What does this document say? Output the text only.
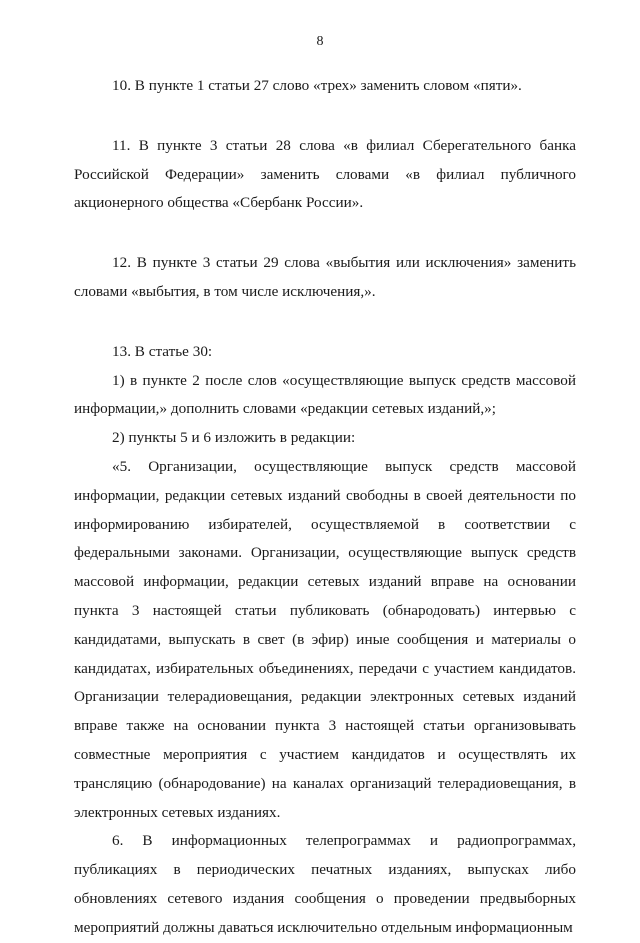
8

10. В пункте 1 статьи 27 слово «трех» заменить словом «пяти».

11. В пункте 3 статьи 28 слова «в филиал Сберегательного банка Российской Федерации» заменить словами «в филиал публичного акционерного общества «Сбербанк России».

12. В пункте 3 статьи 29 слова «выбытия или исключения» заменить словами «выбытия, в том числе исключения,».

13. В статье 30:

1) в пункте 2 после слов «осуществляющие выпуск средств массовой информации,» дополнить словами «редакции сетевых изданий,»;

2) пункты 5 и 6 изложить в редакции:

«5. Организации, осуществляющие выпуск средств массовой информации, редакции сетевых изданий свободны в своей деятельности по информированию избирателей, осуществляемой в соответствии с федеральными законами. Организации, осуществляющие выпуск средств массовой информации, редакции сетевых изданий вправе на основании пункта 3 настоящей статьи публиковать (обнародовать) интервью с кандидатами, выпускать в свет (в эфир) иные сообщения и материалы о кандидатах, избирательных объединениях, передачи с участием кандидатов. Организации телерадиовещания, редакции электронных сетевых изданий вправе также на основании пункта 3 настоящей статьи организовывать совместные мероприятия с участием кандидатов и осуществлять их трансляцию (обнародование) на каналах организаций телерадиовещания, в электронных сетевых изданиях.

6. В информационных телепрограммах и радиопрограммах, публикациях в периодических печатных изданиях, выпусках либо обновлениях сетевого издания сообщения о проведении предвыборных мероприятий должны даваться исключительно отдельным информационным
